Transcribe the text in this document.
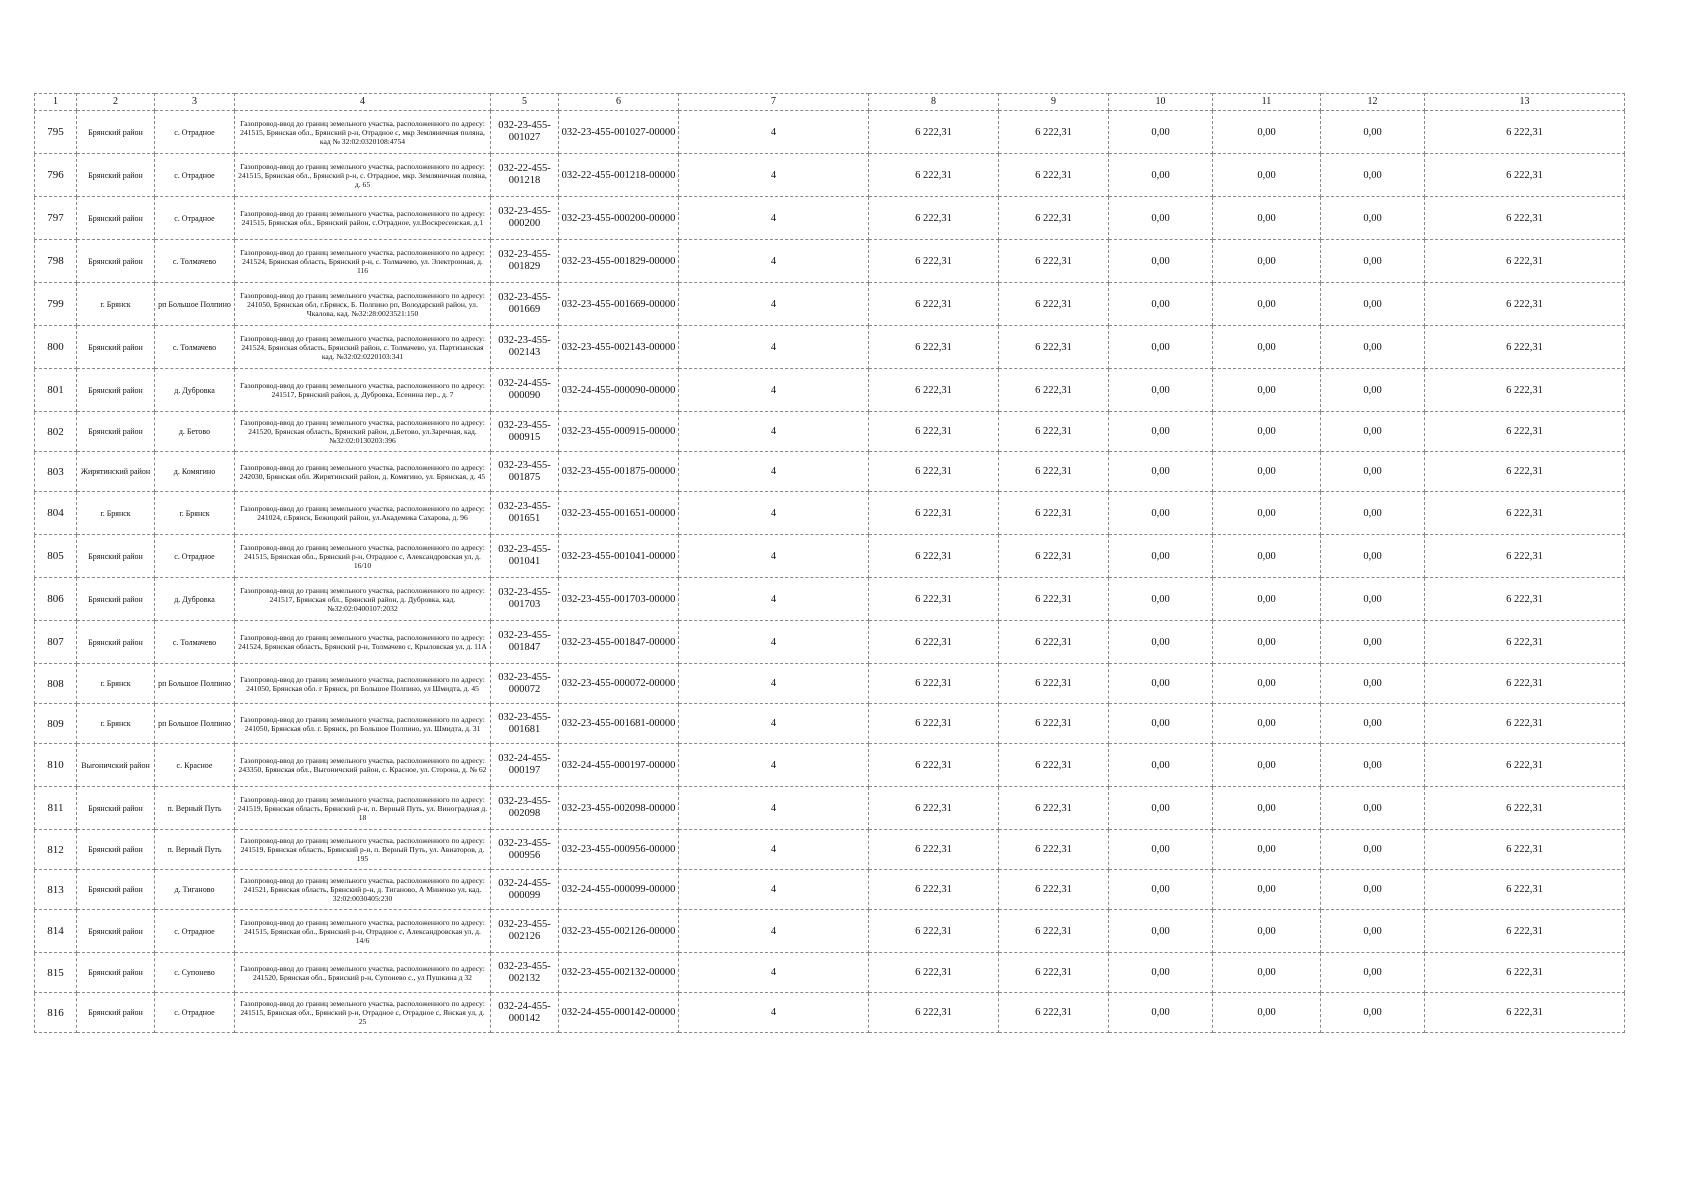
1	2	3	4	5	6	7	8	9	10	11	12	13
795	Брянский район	с. Отрадное	Газопровод-ввод до границ земельного участка, расположенного по адресу: 241515, Брянская обл., Брянский р-н, Отрадное с, мкр Земляничная поляна, кад № 32:02:0320108:4754	032-23-455-001027	032-23-455-001027-00000	4	6 222,31	6 222,31	0,00	0,00	0,00	6 222,31
796	Брянский район	с. Отрадное	Газопровод-ввод до границ земельного участка, расположенного по адресу: 241515, Брянская обл., Брянский р-н, с. Отрадное, мкр. Земляничная поляна, д. 65	032-22-455-001218	032-22-455-001218-00000	4	6 222,31	6 222,31	0,00	0,00	0,00	6 222,31
797	Брянский район	с. Отрадное	Газопровод-ввод до границ земельного участка, расположенного по адресу: 241515, Брянская обл., Брянский район, с.Отрадное, ул.Воскресенская, д.1	032-23-455-000200	032-23-455-000200-00000	4	6 222,31	6 222,31	0,00	0,00	0,00	6 222,31
798	Брянский район	с. Толмачево	Газопровод-ввод до границ земельного участка, расположенного по адресу: 241524, Брянская область, Брянский р-н, с. Толмачево, ул. Электронная, д. 116	032-23-455-001829	032-23-455-001829-00000	4	6 222,31	6 222,31	0,00	0,00	0,00	6 222,31
799	г. Брянск	рп Большое Полпино	Газопровод-ввод до границ земельного участка, расположенного по адресу: 241050, Брянская обл, г.Брянск, Б. Полпино рп, Володарский район, ул. Чкалова, кад. №32:28:0023521:150	032-23-455-001669	032-23-455-001669-00000	4	6 222,31	6 222,31	0,00	0,00	0,00	6 222,31
800	Брянский район	с. Толмачево	Газопровод-ввод до границ земельного участка, расположенного по адресу: 241524, Брянская область, Брянский район, с. Толмачево, ул. Партизанская кад. №32:02:0220103:341	032-23-455-002143	032-23-455-002143-00000	4	6 222,31	6 222,31	0,00	0,00	0,00	6 222,31
801	Брянский район	д. Дубровка	Газопровод-ввод до границ земельного участка, расположенного по адресу: 241517, Брянский район, д. Дубровка, Есенина пер., д. 7	032-24-455-000090	032-24-455-000090-00000	4	6 222,31	6 222,31	0,00	0,00	0,00	6 222,31
802	Брянский район	д. Бетово	Газопровод-ввод до границ земельного участка, расположенного по адресу: 241520, Брянская область, Брянский район, д.Бетово, ул.Заречная, кад. №32:02:0130203:396	032-23-455-000915	032-23-455-000915-00000	4	6 222,31	6 222,31	0,00	0,00	0,00	6 222,31
803	Жирятинский район	д. Комягино	Газопровод-ввод до границ земельного участка, расположенного по адресу: 242030, Брянская обл. Жирятинский район, д. Комягино, ул. Брянская, д. 45	032-23-455-001875	032-23-455-001875-00000	4	6 222,31	6 222,31	0,00	0,00	0,00	6 222,31
804	г. Брянск	г. Брянск	Газопровод-ввод до границ земельного участка, расположенного по адресу: 241024, г.Брянск, Бежицкий район, ул.Академика Сахарова, д. 96	032-23-455-001651	032-23-455-001651-00000	4	6 222,31	6 222,31	0,00	0,00	0,00	6 222,31
805	Брянский район	с. Отрадное	Газопровод-ввод до границ земельного участка, расположенного по адресу: 241515, Брянская обл., Брянский р-н, Отрадное с, Александровская ул, д. 16/10	032-23-455-001041	032-23-455-001041-00000	4	6 222,31	6 222,31	0,00	0,00	0,00	6 222,31
806	Брянский район	д. Дубровка	Газопровод-ввод до границ земельного участка, расположенного по адресу: 241517, Брянская обл., Брянский район, д. Дубровка, кад. №32:02:0400107:2032	032-23-455-001703	032-23-455-001703-00000	4	6 222,31	6 222,31	0,00	0,00	0,00	6 222,31
807	Брянский район	с. Толмачево	Газопровод-ввод до границ земельного участка, расположенного по адресу: 241524, Брянская область, Брянский р-н, Толмачево с, Крыловская ул, д. 11А	032-23-455-001847	032-23-455-001847-00000	4	6 222,31	6 222,31	0,00	0,00	0,00	6 222,31
808	г. Брянск	рп Большое Полпино	Газопровод-ввод до границ земельного участка, расположенного по адресу: 241050, Брянская обл. г Брянск, рп Большое Полпино, ул Шмидта, д. 45	032-23-455-000072	032-23-455-000072-00000	4	6 222,31	6 222,31	0,00	0,00	0,00	6 222,31
809	г. Брянск	рп Большое Полпино	Газопровод-ввод до границ земельного участка, расположенного по адресу: 241050, Брянская обл. г. Брянск, рп Большое Полпино, ул. Шмидта, д. 31	032-23-455-001681	032-23-455-001681-00000	4	6 222,31	6 222,31	0,00	0,00	0,00	6 222,31
810	Выгоничский район	с. Красное	Газопровод-ввод до границ земельного участка, расположенного по адресу: 243350, Брянская обл., Выгоничский район, с. Красное, ул. Сторона, д. № 62	032-24-455-000197	032-24-455-000197-00000	4	6 222,31	6 222,31	0,00	0,00	0,00	6 222,31
811	Брянский район	п. Верный Путь	Газопровод-ввод до границ земельного участка, расположенного по адресу: 241519, Брянская область, Брянский р-н, п. Верный Путь, ул. Виноградная д. 18	032-23-455-002098	032-23-455-002098-00000	4	6 222,31	6 222,31	0,00	0,00	0,00	6 222,31
812	Брянский район	п. Верный Путь	Газопровод-ввод до границ земельного участка, расположенного по адресу: 241519, Брянская область, Брянский р-н, п. Верный Путь, ул. Авиаторов, д. 195	032-23-455-000956	032-23-455-000956-00000	4	6 222,31	6 222,31	0,00	0,00	0,00	6 222,31
813	Брянский район	д. Тиганово	Газопровод-ввод до границ земельного участка, расположенного по адресу: 241521, Брянская область, Брянский р-н, д. Тиганово, А Миненко ул, кад. 32:02:0030405:230	032-24-455-000099	032-24-455-000099-00000	4	6 222,31	6 222,31	0,00	0,00	0,00	6 222,31
814	Брянский район	с. Отрадное	Газопровод-ввод до границ земельного участка, расположенного по адресу: 241515, Брянская обл., Брянский р-н, Отрадное с, Александровская ул, д. 14/6	032-23-455-002126	032-23-455-002126-00000	4	6 222,31	6 222,31	0,00	0,00	0,00	6 222,31
815	Брянский район	с. Супонево	Газопровод-ввод до границ земельного участка, расположенного по адресу: 241520, Брянская обл., Брянский р-н, Супонево с., ул Пушкина д 32	032-23-455-002132	032-23-455-002132-00000	4	6 222,31	6 222,31	0,00	0,00	0,00	6 222,31
816	Брянский район	с. Отрадное	Газопровод-ввод до границ земельного участка, расположенного по адресу: 241515, Брянская обл., Брянский р-н, Отрадное с, Отрадное с, Янская ул, д. 25	032-24-455-000142	032-24-455-000142-00000	4	6 222,31	6 222,31	0,00	0,00	0,00	6 222,31
